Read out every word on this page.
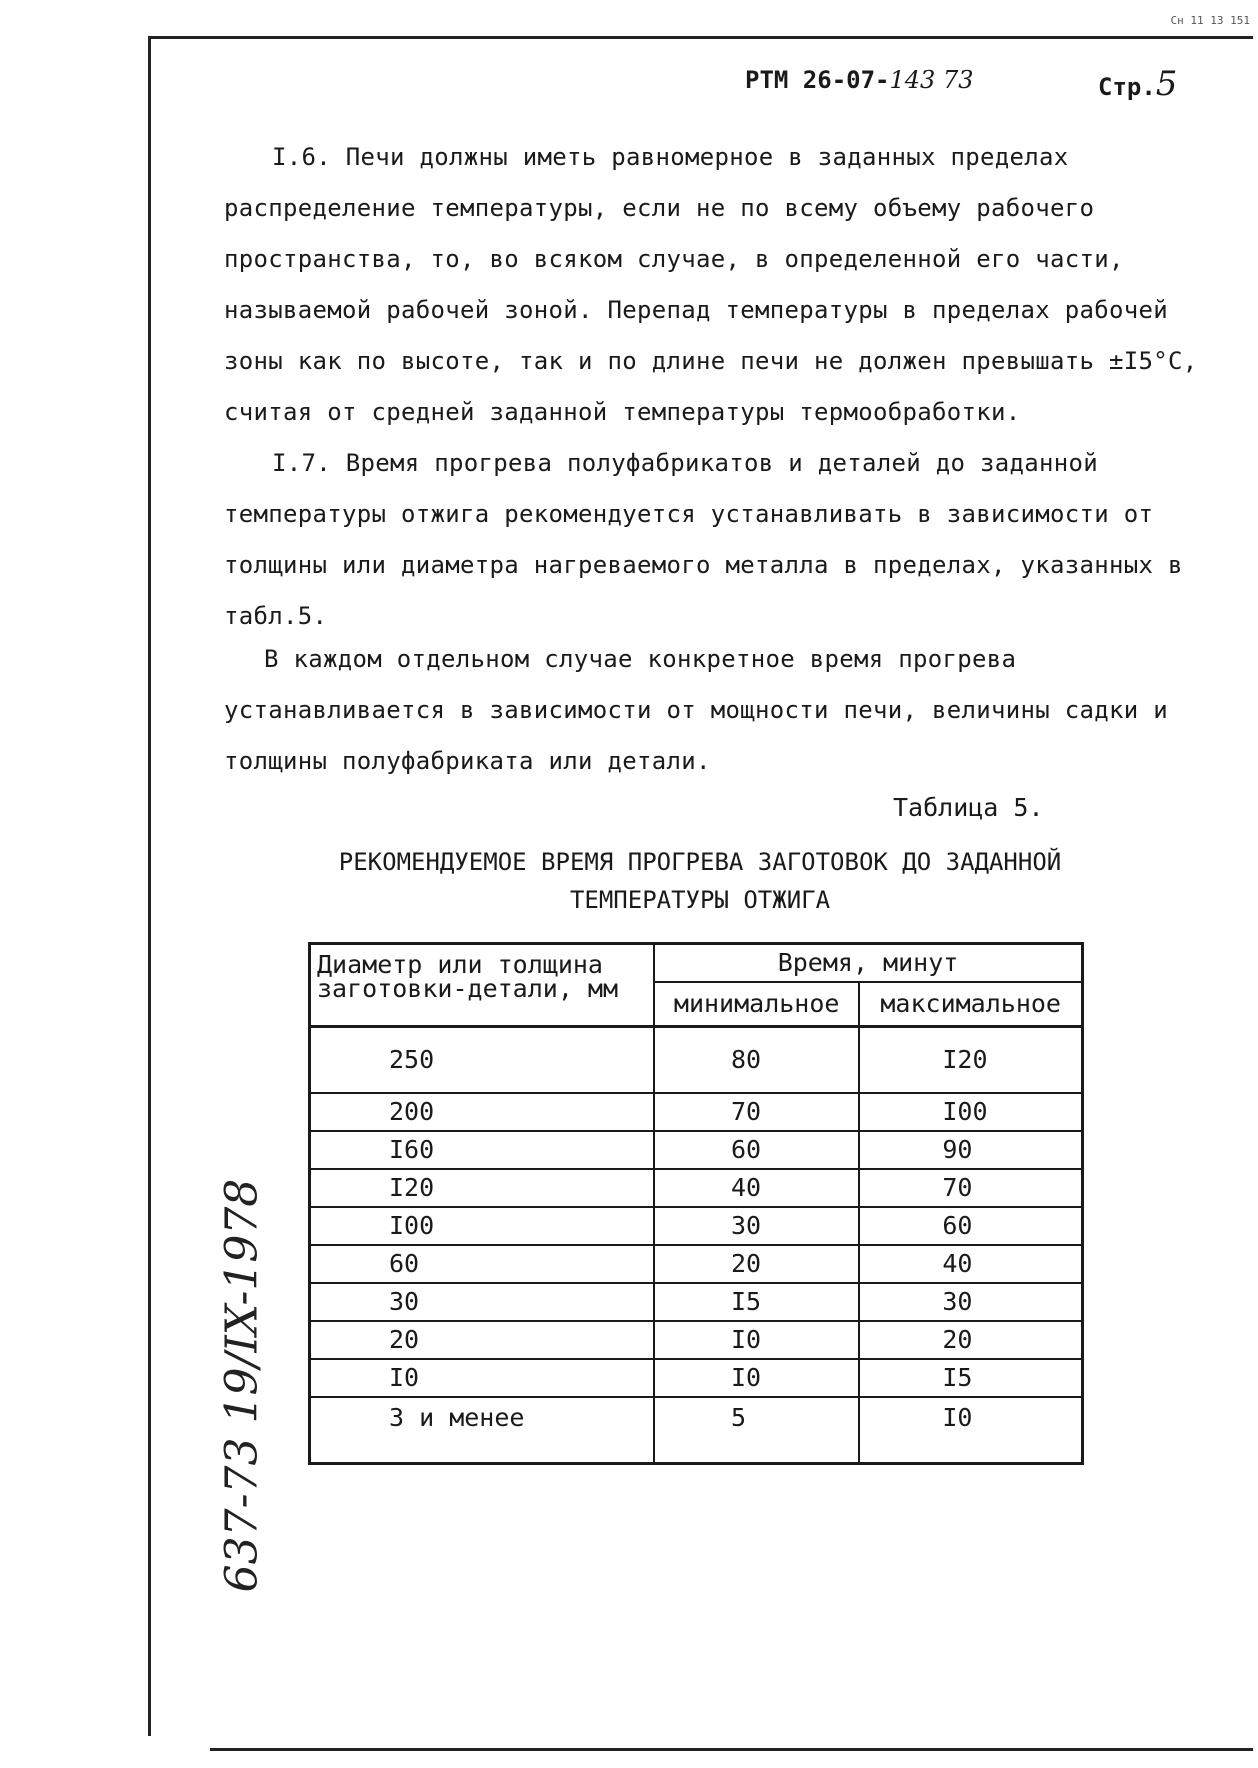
Сн 11 13 151
РТМ 26-07-143 73	Стр.5

I.6. Печи должны иметь равномерное в заданных пределах распределение температуры, если не по всему объему рабочего пространства, то, во всяком случае, в определенной его части, называемой рабочей зоной. Перепад температуры в пределах рабочей зоны как по высоте, так и по длине печи не должен превышать ±I5°С, считая от средней заданной температуры термообработки.

I.7. Время прогрева полуфабрикатов и деталей до заданной температуры отжига рекомендуется устанавливать в зависимости от толщины или диаметра нагреваемого металла в пределах, указанных в табл.5.

В каждом отдельном случае конкретное время прогрева устанавливается в зависимости от мощности печи, величины садки и толщины полуфабриката или детали.

Таблица 5.
РЕКОМЕНДУЕМОЕ ВРЕМЯ ПРОГРЕВА ЗАГОТОВОК ДО ЗАДАННОЙ
ТЕМПЕРАТУРЫ ОТЖИГА
Диаметр или толщина заготовки-детали, мм	Время, минут	
	минимальное	максимальное
250	80	I20
200	70	I00
I60	60	90
I20	40	70
I00	30	60
60	20	40
30	I5	30
20	I0	20
I0	I0	I5
3 и менее	5	I0
637-73 19/IX-1978
